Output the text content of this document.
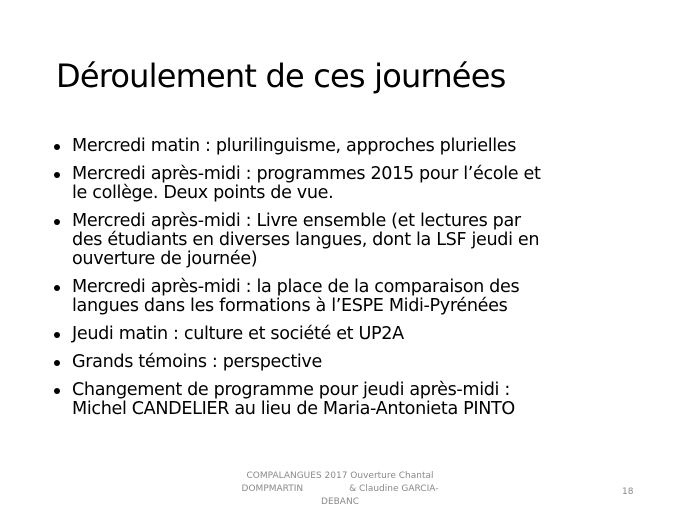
Déroulement de ces journées
Mercredi matin : plurilinguisme, approches plurielles
Mercredi après-midi : programmes 2015 pour l’école et
le collège. Deux points de vue.
Mercredi après-midi : Livre ensemble (et lectures par
des étudiants en diverses langues, dont la LSF jeudi en
ouverture de journée)
Mercredi après-midi : la place de la comparaison des
langues dans les formations à l’ESPE Midi-Pyrénées
Jeudi matin : culture et société et UP2A
Grands témoins : perspective
Changement de programme pour jeudi après-midi :
Michel CANDELIER au lieu de Maria-Antonieta PINTO
COMPALANGUES 2017 Ouverture Chantal
DOMPMARTIN	& Claudine GARCIA-
DEBANC
18
